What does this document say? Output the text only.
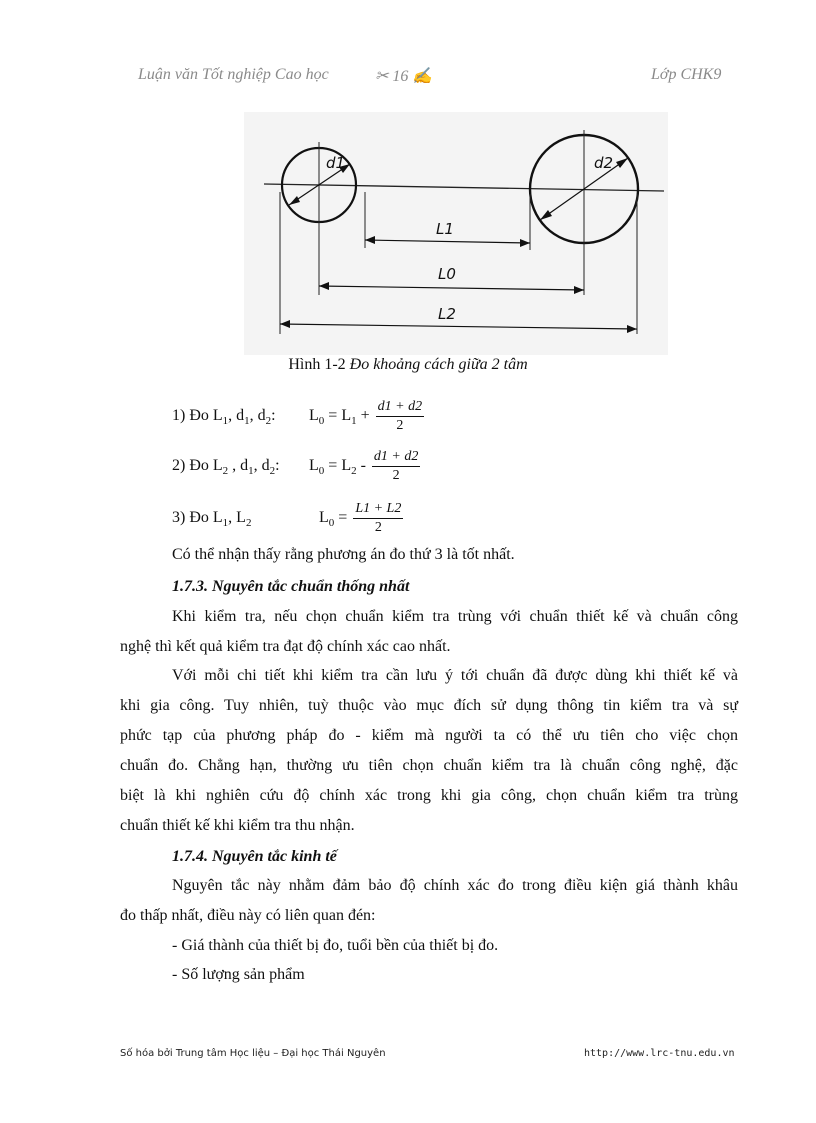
Luận văn Tốt nghiệp Cao học	✂ 16 ✍	Lớp CHK9
d1	d2
L1
L0
L2
Hình 1-2 Đo khoảng cách giữa 2 tâm
1) Đo $L_1$, $d_1$, $d_2$: $L_0 = L_1 + \frac{d1 + d2}{2}$
2) Đo $L_2$ , $d_1$, $d_2$: $L_0 = L_2 - \frac{d1 + d2}{2}$
3) Đo $L_1$, $L_2$	$L_0 = \frac{L1 + L2}{2}$
Có thể nhận thấy rằng phương án đo thứ 3 là tốt nhất.
1.7.3. Nguyên tắc chuẩn thống nhất
Khi kiểm tra, nếu chọn chuẩn kiểm tra trùng với chuẩn thiết kế và chuẩn công
nghệ thì kết quả kiểm tra đạt độ chính xác cao nhất.
Với mỗi chi tiết khi kiểm tra cần lưu ý tới chuẩn đã được dùng khi thiết kế và
khi gia công. Tuy nhiên, tuỳ thuộc vào mục đích sử dụng thông tin kiểm tra và sự
phức tạp của phương pháp đo - kiểm mà người ta có thể ưu tiên cho việc chọn
chuẩn đo. Chẳng hạn, thường ưu tiên chọn chuẩn kiểm tra là chuẩn công nghệ, đặc
biệt là khi nghiên cứu độ chính xác trong khi gia công, chọn chuẩn kiểm tra trùng
chuẩn thiết kế khi kiểm tra thu nhận.
1.7.4. Nguyên tắc kinh tế
Nguyên tắc này nhằm đảm bảo độ chính xác đo trong điều kiện giá thành khâu
đo thấp nhất, điều này có liên quan đén:
- Giá thành của thiết bị đo, tuổi bền của thiết bị đo.
- Số lượng sản phẩm
Số hóa bởi Trung tâm Học liệu – Đại học Thái Nguyên	http://www.lrc-tnu.edu.vn
